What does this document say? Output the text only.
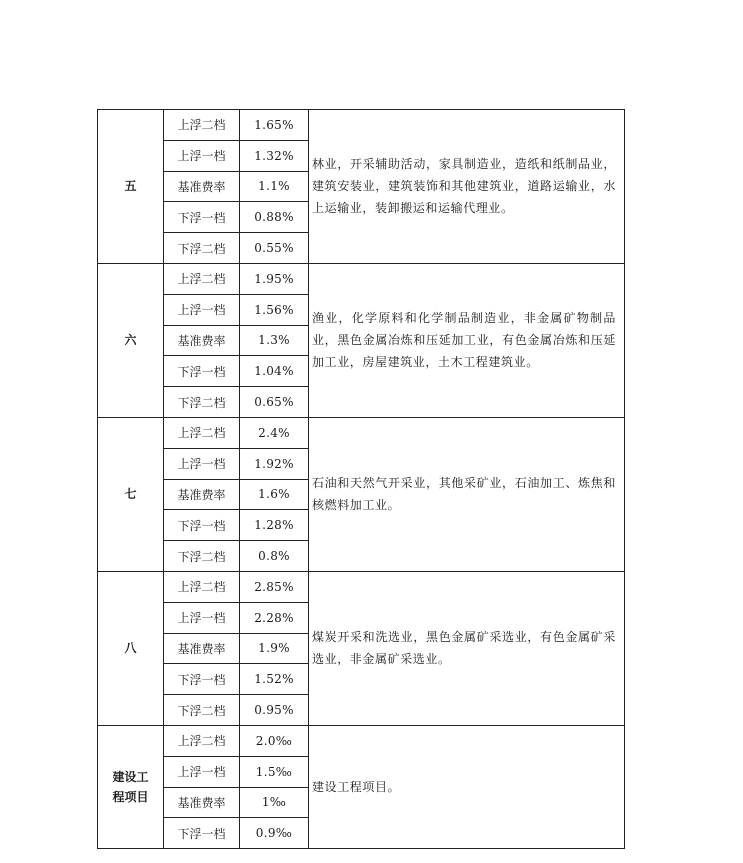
五	上浮二档	1.65%	林业，开采辅助活动，家具制造业，造纸和纸制品业，建筑安装业，建筑装饰和其他建筑业，道路运输业，水上运输业，装卸搬运和运输代理业。
	上浮一档	1.32%	
	基准费率	1.1%	
	下浮一档	0.88%	
	下浮二档	0.55%	
六	上浮二档	1.95%	渔业，化学原料和化学制品制造业，非金属矿物制品业，黑色金属冶炼和压延加工业，有色金属冶炼和压延加工业，房屋建筑业，土木工程建筑业。
	上浮一档	1.56%	
	基准费率	1.3%	
	下浮一档	1.04%	
	下浮二档	0.65%	
七	上浮二档	2.4%	石油和天然气开采业，其他采矿业，石油加工、炼焦和核燃料加工业。
	上浮一档	1.92%	
	基准费率	1.6%	
	下浮一档	1.28%	
	下浮二档	0.8%	
八	上浮二档	2.85%	煤炭开采和洗选业，黑色金属矿采选业，有色金属矿采选业，非金属矿采选业。
	上浮一档	2.28%	
	基准费率	1.9%	
	下浮一档	1.52%	
	下浮二档	0.95%	
建设工程项目	上浮二档	2.0‰	建设工程项目。
	上浮一档	1.5‰	
	基准费率	1‰	
	下浮一档	0.9‰	
